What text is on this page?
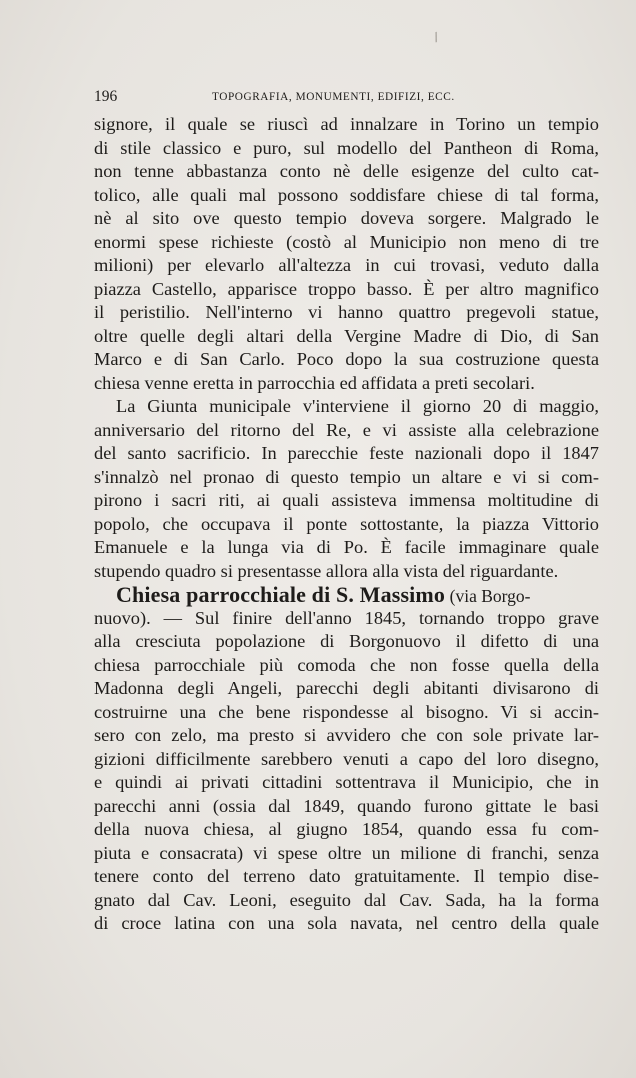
/
196	TOPOGRAFIA, MONUMENTI, EDIFIZI, ECC.
signore, il quale se riuscì ad innalzare in Torino un tempio
di stile classico e puro, sul modello del Pantheon di Roma,
non tenne abbastanza conto nè delle esigenze del culto cat-
tolico, alle quali mal possono soddisfare chiese di tal forma,
nè al sito ove questo tempio doveva sorgere. Malgrado le
enormi spese richieste (costò al Municipio non meno di tre
milioni) per elevarlo all'altezza in cui trovasi, veduto dalla
piazza Castello, apparisce troppo basso. È per altro magnifico
il peristilio. Nell'interno vi hanno quattro pregevoli statue,
oltre quelle degli altari della Vergine Madre di Dio, di San
Marco e di San Carlo. Poco dopo la sua costruzione questa
chiesa venne eretta in parrocchia ed affidata a preti secolari.
La Giunta municipale v'interviene il giorno 20 di maggio,
anniversario del ritorno del Re, e vi assiste alla celebrazione
del santo sacrificio. In parecchie feste nazionali dopo il 1847
s'innalzò nel pronao di questo tempio un altare e vi si com-
pirono i sacri riti, ai quali assisteva immensa moltitudine di
popolo, che occupava il ponte sottostante, la piazza Vittorio
Emanuele e la lunga via di Po. È facile immaginare quale
stupendo quadro si presentasse allora alla vista del riguardante.
Chiesa parrocchiale di S. Massimo (via Borgo-
nuovo). — Sul finire dell'anno 1845, tornando troppo grave
alla cresciuta popolazione di Borgonuovo il difetto di una
chiesa parrocchiale più comoda che non fosse quella della
Madonna degli Angeli, parecchi degli abitanti divisarono di
costruirne una che bene rispondesse al bisogno. Vi si accin-
sero con zelo, ma presto si avvidero che con sole private lar-
gizioni difficilmente sarebbero venuti a capo del loro disegno,
e quindi ai privati cittadini sottentrava il Municipio, che in
parecchi anni (ossia dal 1849, quando furono gittate le basi
della nuova chiesa, al giugno 1854, quando essa fu com-
piuta e consacrata) vi spese oltre un milione di franchi, senza
tenere conto del terreno dato gratuitamente. Il tempio dise-
gnato dal Cav. Leoni, eseguito dal Cav. Sada, ha la forma
di croce latina con una sola navata, nel centro della quale
